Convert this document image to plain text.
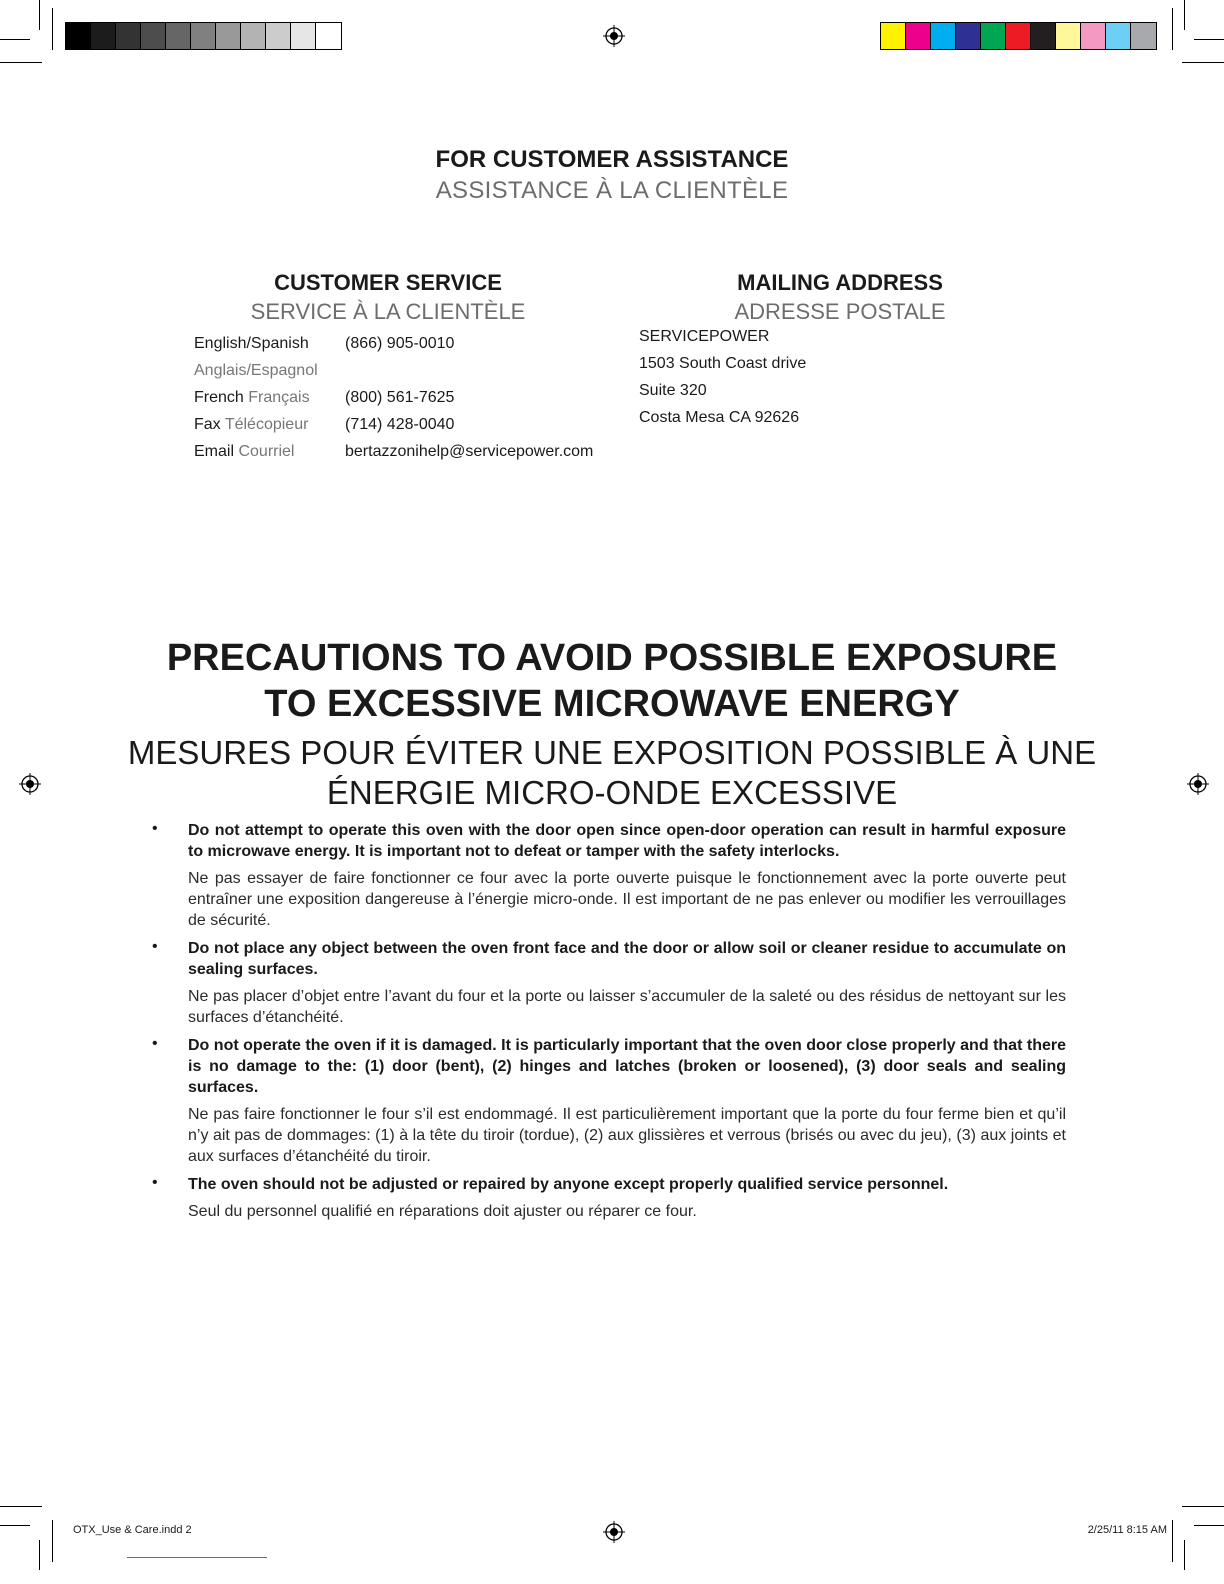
FOR CUSTOMER ASSISTANCE
ASSISTANCE À LA CLIENTÈLE
CUSTOMER SERVICE
SERVICE À LA CLIENTÈLE
English/Spanish (866) 905-0010
Anglais/Espagnol
French Français (800) 561-7625
Fax Télécopieur (714) 428-0040
Email Courriel	bertazzonihelp@servicepower.com
MAILING ADDRESS
ADRESSE POSTALE
SERVICEPOWER
1503 South Coast drive
Suite 320
Costa Mesa CA 92626
PRECAUTIONS TO AVOID POSSIBLE EXPOSURE
TO EXCESSIVE MICROWAVE ENERGY
MESURES POUR ÉVITER UNE EXPOSITION POSSIBLE À UNE
ÉNERGIE MICRO-ONDE EXCESSIVE
• Do not attempt to operate this oven with the door open since open-door operation can result in harmful exposure to microwave energy. It is important not to defeat or tamper with the safety interlocks.
Ne pas essayer de faire fonctionner ce four avec la porte ouverte puisque le fonctionnement avec la porte ouverte peut entraîner une exposition dangereuse à l’énergie micro-onde. Il est important de ne pas enlever ou modifier les verrouillages de sécurité.
• Do not place any object between the oven front face and the door or allow soil or cleaner residue to accumulate on sealing surfaces.
Ne pas placer d’objet entre l’avant du four et la porte ou laisser s’accumuler de la saleté ou des résidus de nettoyant sur les surfaces d’étanchéité.
• Do not operate the oven if it is damaged. It is particularly important that the oven door close properly and that there is no damage to the: (1) door (bent), (2) hinges and latches (broken or loosened), (3) door seals and sealing surfaces.
Ne pas faire fonctionner le four s’il est endommagé. Il est particulièrement important que la porte du four ferme bien et qu’il n’y ait pas de dommages: (1) à la tête du tiroir (tordue), (2) aux glissières et verrous (brisés ou avec du jeu), (3) aux joints et aux surfaces d’étanchéité du tiroir.
• The oven should not be adjusted or repaired by anyone except properly qualified service personnel.
Seul du personnel qualifié en réparations doit ajuster ou réparer ce four.
OTX_Use & Care.indd 2	2/25/11 8:15 AM
